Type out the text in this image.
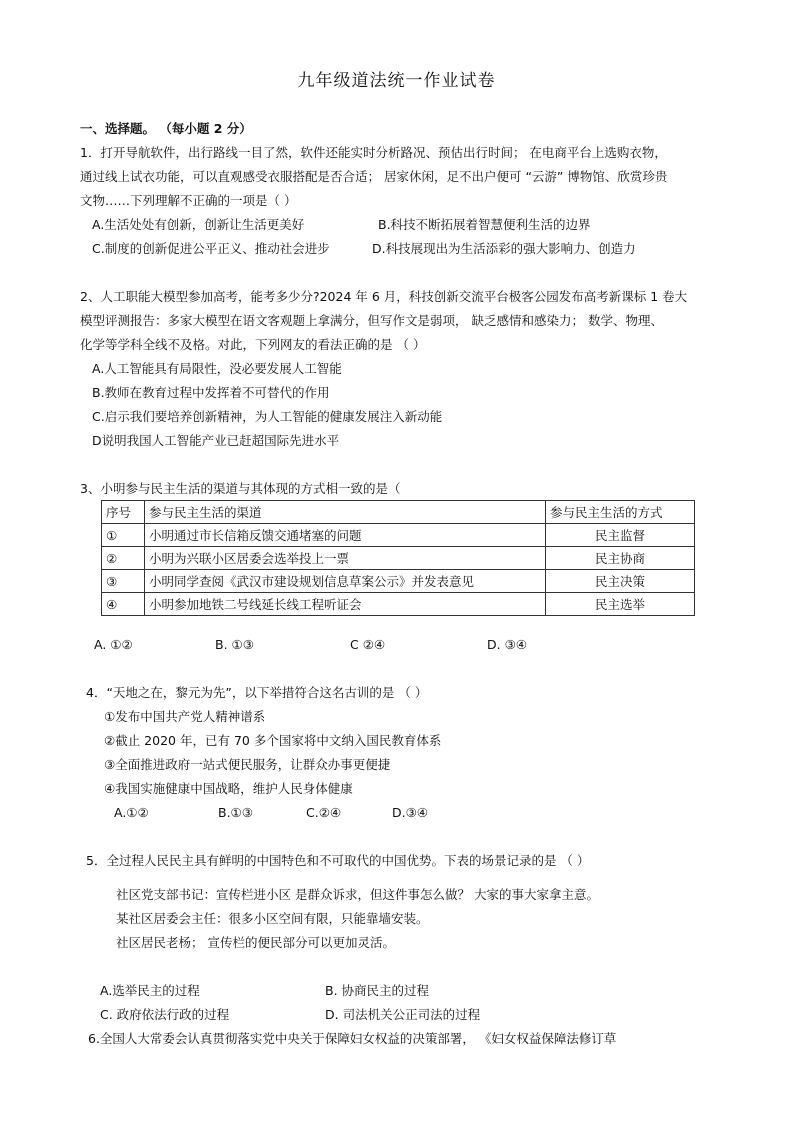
九年级道法统一作业试卷
一、选择题。 （每小题 2 分）
1．打开导航软件，出行路线一目了然，软件还能实时分析路况、预估出行时间； 在电商平台上选购衣物，
通过线上试衣功能，可以直观感受衣服搭配是否合适； 居家休闲，足不出户便可 “云游” 博物馆、欣赏珍贵
文物……下列理解不正确的一项是（ ）
A.生活处处有创新，创新让生活更美好	B.科技不断拓展着智慧便利生活的边界
C.制度的创新促进公平正义、推动社会进步	D.科技展现出为生活添彩的强大影响力、创造力
2、人工职能大模型参加高考，能考多少分?2024 年 6 月，科技创新交流平台极客公园发布高考新课标 1 卷大
模型评测报告：多家大模型在语文客观题上拿满分，但写作文是弱项， 缺乏感情和感染力； 数学、物理、
化学等学科全线不及格。对此，下列网友的看法正确的是 （ ）
A.人工智能具有局限性，没必要发展人工智能
B.教师在教育过程中发挥着不可替代的作用
C.启示我们要培养创新精神，为人工智能的健康发展注入新动能
D说明我国人工智能产业已赶超国际先进水平
3、小明参与民主生活的渠道与其体现的方式相一致的是（
序号	参与民主生活的渠道	参与民主生活的方式
①	小明通过市长信箱反馈交通堵塞的问题	民主监督
②	小明为兴联小区居委会选举投上一票	民主协商
③	小明同学查阅《武汉市建设规划信息草案公示》并发表意见	民主决策
④	小明参加地铁二号线延长线工程听证会	民主选举
A. ①②	B. ①③	C ②④	D. ③④
4．“天地之在，黎元为先”，以下举措符合这名古训的是 （ ）
①发布中国共产党人精神谱系
②截止 2020 年，已有 70 多个国家将中文纳入国民教育体系
③全面推进政府一站式便民服务，让群众办事更便捷
④我国实施健康中国战略，维护人民身体健康
A.①②	B.①③	C.②④	D.③④
5．全过程人民民主具有鲜明的中国特色和不可取代的中国优势。下表的场景记录的是 （ ）
社区党支部书记：宣传栏进小区 是群众诉求，但这件事怎么做？ 大家的事大家拿主意。
某社区居委会主任：很多小区空间有限，只能靠墙安装。
社区居民老杨； 宣传栏的便民部分可以更加灵活。
A.选举民主的过程	B. 协商民主的过程
C. 政府依法行政的过程	D. 司法机关公正司法的过程
6.全国人大常委会认真贯彻落实党中央关于保障妇女权益的决策部署， 《妇女权益保障法修订草
